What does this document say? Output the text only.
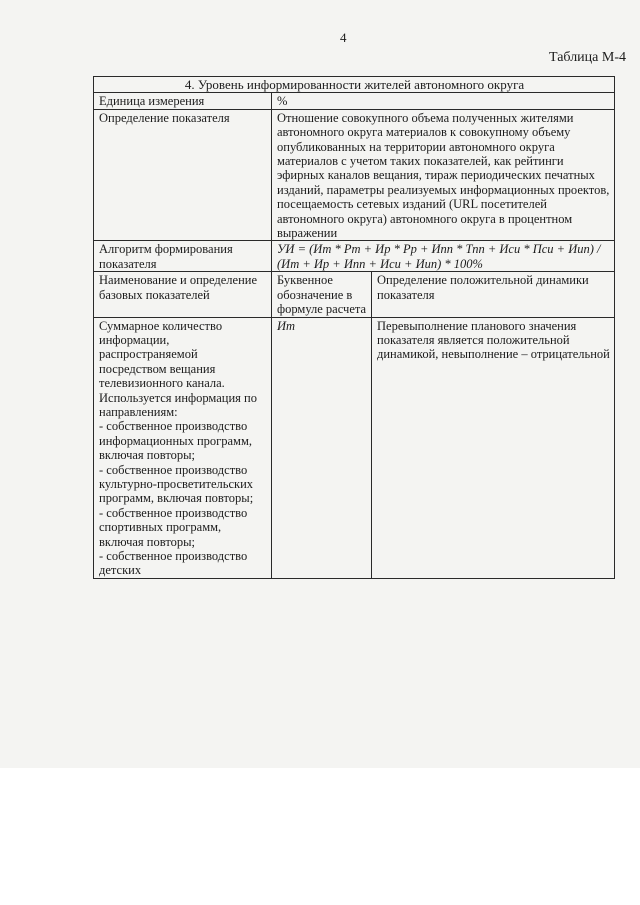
4
Таблица М-4
4. Уровень информированности жителей автономного округа		
Единица измерения	%	
Определение показателя	Отношение совокупного объема полученных жителями автономного округа материалов к совокупному объему опубликованных на территории автономного округа материалов с учетом таких показателей, как рейтинги эфирных каналов вещания, тираж периодических печатных изданий, параметры реализуемых информационных проектов, посещаемость сетевых изданий (URL посетителей автономного округа) автономного округа в процентном выражении	
Алгоритм формирования показателя	УИ = (Ит * Рт + Ир * Рр + Ипп * Тпп + Иси * Пси + Иип) / (Ит + Ир + Ипп + Иси + Иип) * 100%	
Наименование и определение базовых показателей	Буквенное обозначение в формуле расчета	Определение положительной динамики показателя
Суммарное количество информации, распространяемой посредством вещания телевизионного канала. Используется информация по направлениям:
- собственное производство информационных программ, включая повторы;
- собственное производство культурно-просветительских программ, включая повторы;
- собственное производство спортивных программ, включая повторы;
- собственное производство детских	Ит	Перевыполнение планового значения показателя является положительной динамикой, невыполнение – отрицательной
